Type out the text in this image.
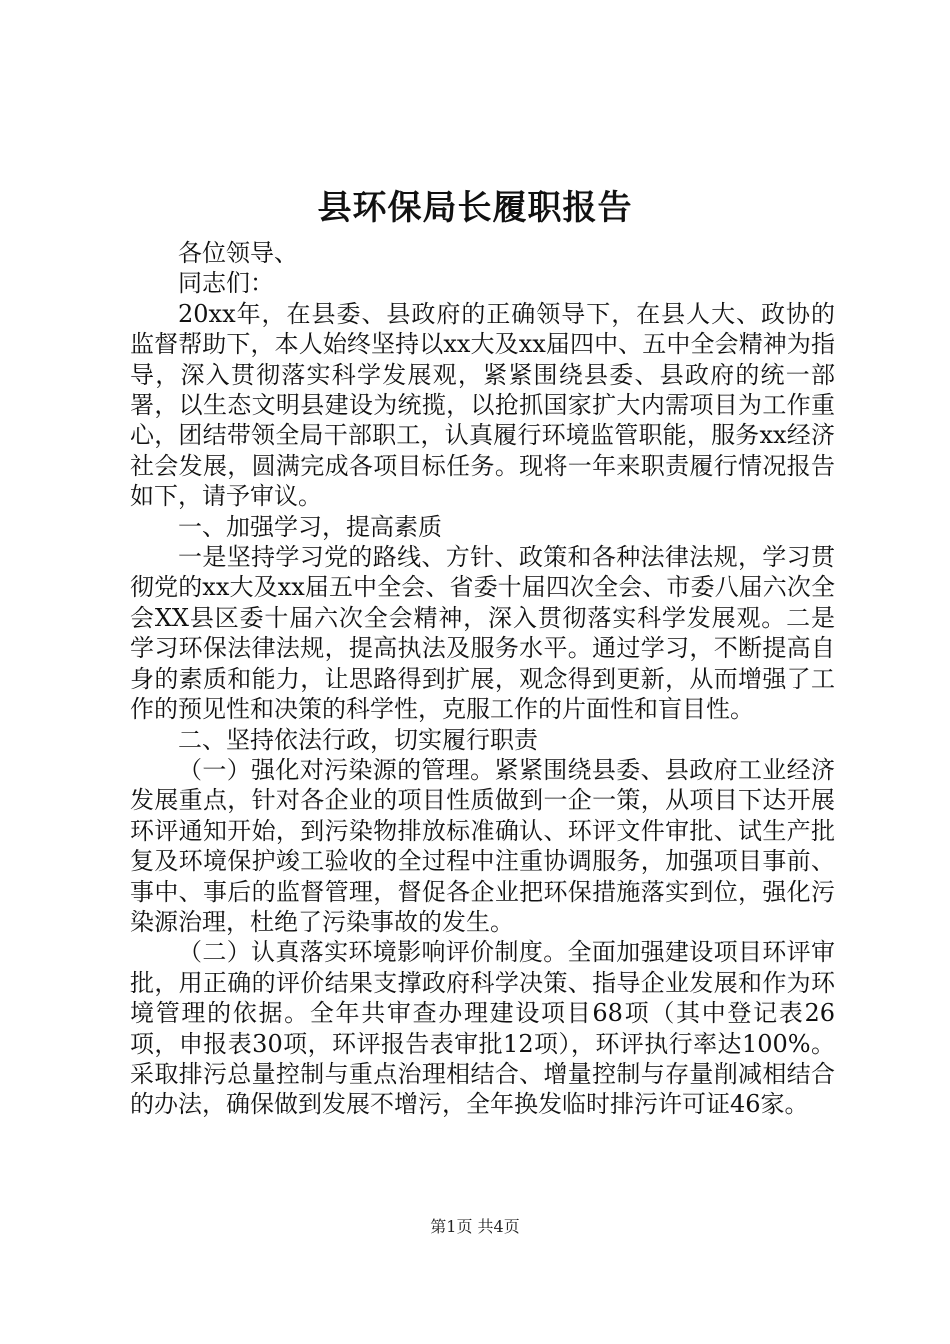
县环保局长履职报告

各位领导、

同志们：

20xx年，在县委、县政府的正确领导下，在县人大、政协的监督帮助下，本人始终坚持以xx大及xx届四中、五中全会精神为指导，深入贯彻落实科学发展观，紧紧围绕县委、县政府的统一部署，以生态文明县建设为统揽，以抢抓国家扩大内需项目为工作重心，团结带领全局干部职工，认真履行环境监管职能，服务xx经济社会发展，圆满完成各项目标任务。现将一年来职责履行情况报告如下，请予审议。

一、加强学习，提高素质

一是坚持学习党的路线、方针、政策和各种法律法规，学习贯彻党的xx大及xx届五中全会、省委十届四次全会、市委八届六次全会XX县区委十届六次全会精神，深入贯彻落实科学发展观。二是学习环保法律法规，提高执法及服务水平。通过学习，不断提高自身的素质和能力，让思路得到扩展，观念得到更新，从而增强了工作的预见性和决策的科学性，克服工作的片面性和盲目性。

二、坚持依法行政，切实履行职责

（一）强化对污染源的管理。紧紧围绕县委、县政府工业经济发展重点，针对各企业的项目性质做到一企一策，从项目下达开展环评通知开始，到污染物排放标准确认、环评文件审批、试生产批复及环境保护竣工验收的全过程中注重协调服务，加强项目事前、事中、事后的监督管理，督促各企业把环保措施落实到位，强化污染源治理，杜绝了污染事故的发生。

（二）认真落实环境影响评价制度。全面加强建设项目环评审批，用正确的评价结果支撑政府科学决策、指导企业发展和作为环境管理的依据。全年共审查办理建设项目68项（其中登记表26项，申报表30项，环评报告表审批12项），环评执行率达100%。采取排污总量控制与重点治理相结合、增量控制与存量削减相结合的办法，确保做到发展不增污，全年换发临时排污许可证46家。

第1页 共4页
